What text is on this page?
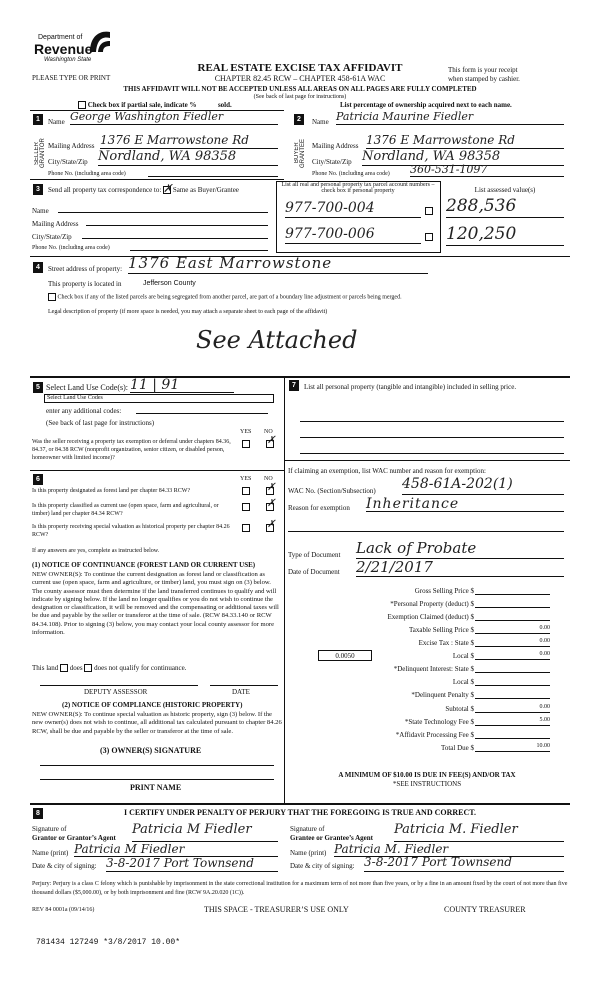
Department of
Revenue
Washington State
PLEASE TYPE OR PRINT
REAL ESTATE EXCISE TAX AFFIDAVIT
CHAPTER 82.45 RCW – CHAPTER 458-61A WAC
THIS AFFIDAVIT WILL NOT BE ACCEPTED UNLESS ALL AREAS ON ALL PAGES ARE FULLY COMPLETED
This form is your receipt
when stamped by cashier.
(See back of last page for instructions)
Check box if partial sale, indicate %	sold.	List percentage of ownership acquired next to each name.
1
SELLER GRANTOR
Name George Washington Fiedler
Mailing Address 1376 E Marrowstone Rd
City/State/Zip Nordland, WA 98358
Phone No. (including area code)
2
BUYER GRANTEE
Name Patricia Maurine Fiedler
Mailing Address 1376 E Marrowstone Rd
City/State/Zip Nordland, WA 98358
Phone No. (including area code) 360-531-1097
3	Send all property tax correspondence to: ✗ Same as Buyer/Grantee
Name
Mailing Address
City/State/Zip
Phone No. (including area code)
List all real and personal property tax parcel account numbers – check box if personal property	List assessed value(s)
977-700-004	288,536
977-700-006	120,250
4	Street address of property: 1376 East Marrowstone
This property is located in	Jefferson County
Check box if any of the listed parcels are being segregated from another parcel, are part of a boundary line adjustment or parcels being merged.
Legal description of property (if more space is needed, you may attach a separate sheet to each page of the affidavit)
See Attached
5 Select Land Use Code(s): 11 | 91
Select Land Use Codes
enter any additional codes:
(See back of last page for instructions)
YES NO
Was the seller receiving a property tax exemption or deferral under chapters 84.36, 84.37, or 84.38 RCW (nonprofit organization, senior citizen, or disabled person, homeowner with limited income)?
✗
6	YES NO
Is this property designated as forest land per chapter 84.33 RCW?	✗
Is this property classified as current use (open space, farm and agricultural, or timber) land per chapter 84.34 RCW?
✗
Is this property receiving special valuation as historical property per chapter 84.26 RCW?
✗
If any answers are yes, complete as instructed below.
(1) NOTICE OF CONTINUANCE (FOREST LAND OR CURRENT USE)
NEW OWNER(S): To continue the current designation as forest land or classification as current use (open space, farm and agriculture, or timber) land, you must sign on (3) below. The county assessor must then determine if the land transferred continues to qualify and will indicate by signing below. If the land no longer qualifies or you do not wish to continue the designation or classification, it will be removed and the compensating or additional taxes will be due and payable by the seller or transferor at the time of sale. (RCW 84.33.140 or RCW 84.34.108). Prior to signing (3) below, you may contact your local county assessor for more information.
This land does does not qualify for continuance.
DEPUTY ASSESSOR	DATE
(2) NOTICE OF COMPLIANCE (HISTORIC PROPERTY)
NEW OWNER(S): To continue special valuation as historic property, sign (3) below. If the new owner(s) does not wish to continue, all additional tax calculated pursuant to chapter 84.26 RCW, shall be due and payable by the seller or transferor at the time of sale.
(3) OWNER(S) SIGNATURE
PRINT NAME
7	List all personal property (tangible and intangible) included in selling price.
If claiming an exemption, list WAC number and reason for exemption:
WAC No. (Section/Subsection) 458-61A-202(1)
Reason for exemption Inheritance
Type of Document Lack of Probate
Date of Document 2/21/2017
Gross Selling Price $
*Personal Property (deduct) $
Exemption Claimed (deduct) $
Taxable Selling Price $	0.00
Excise Tax : State $	0.00
0.0050	Local $	0.00
*Delinquent Interest: State $
Local $
*Delinquent Penalty $
Subtotal $	0.00
*State Technology Fee $	5.00
*Affidavit Processing Fee $
Total Due $	10.00
A MINIMUM OF $10.00 IS DUE IN FEE(S) AND/OR TAX
*SEE INSTRUCTIONS
8	I CERTIFY UNDER PENALTY OF PERJURY THAT THE FOREGOING IS TRUE AND CORRECT.
Signature of
Grantor or Grantor’s Agent
Patricia M Fiedler
Name (print) Patricia M Fiedler
Date & city of signing: 3-8-2017 Port Townsend
Signature of
Grantee or Grantee’s Agent
Patricia M. Fiedler
Name (print) Patricia M. Fiedler
Date & city of signing: 3-8-2017 Port Townsend
Perjury: Perjury is a class C felony which is punishable by imprisonment in the state correctional institution for a maximum term of not more than five years, or by a fine in an amount fixed by the court of not more than five thousand dollars ($5,000.00), or by both imprisonment and fine (RCW 9A.20.020 (1C)).
REV 84 0001a (09/14/16)	THIS SPACE - TREASURER’S USE ONLY	COUNTY TREASURER
781434 127249 *3/8/2017 10.00*
